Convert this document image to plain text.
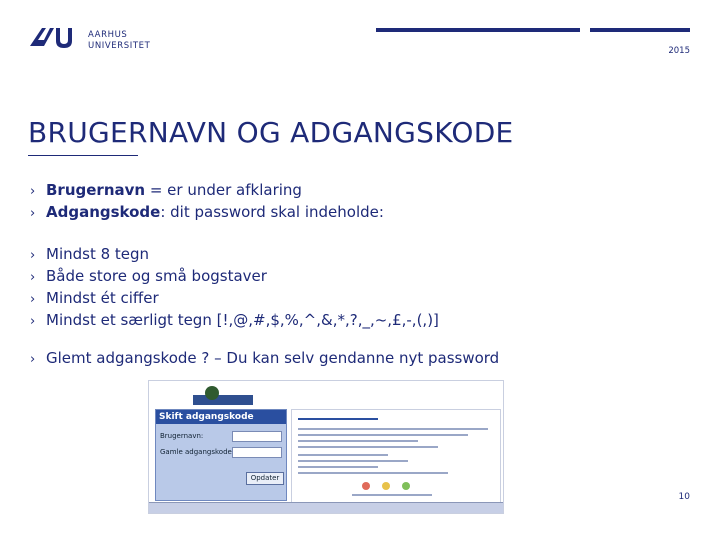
AARHUS
UNIVERSITET	2015
BRUGERNAVN OG ADGANGSKODE
› Brugernavn = er under afklaring
› Adgangskode: dit password skal indeholde:
› Mindst 8 tegn
› Både store og små bogstaver
› Mindst ét ciffer
› Mindst et særligt tegn [!,@,#,$,%,^,&,*,?,_,~,£,-,(,)]
› Glemt adgangskode ? – Du kan selv gendanne nyt password
Skift adgangskode
Brugernavn:
Gamle adgangskode
Opdater
10
